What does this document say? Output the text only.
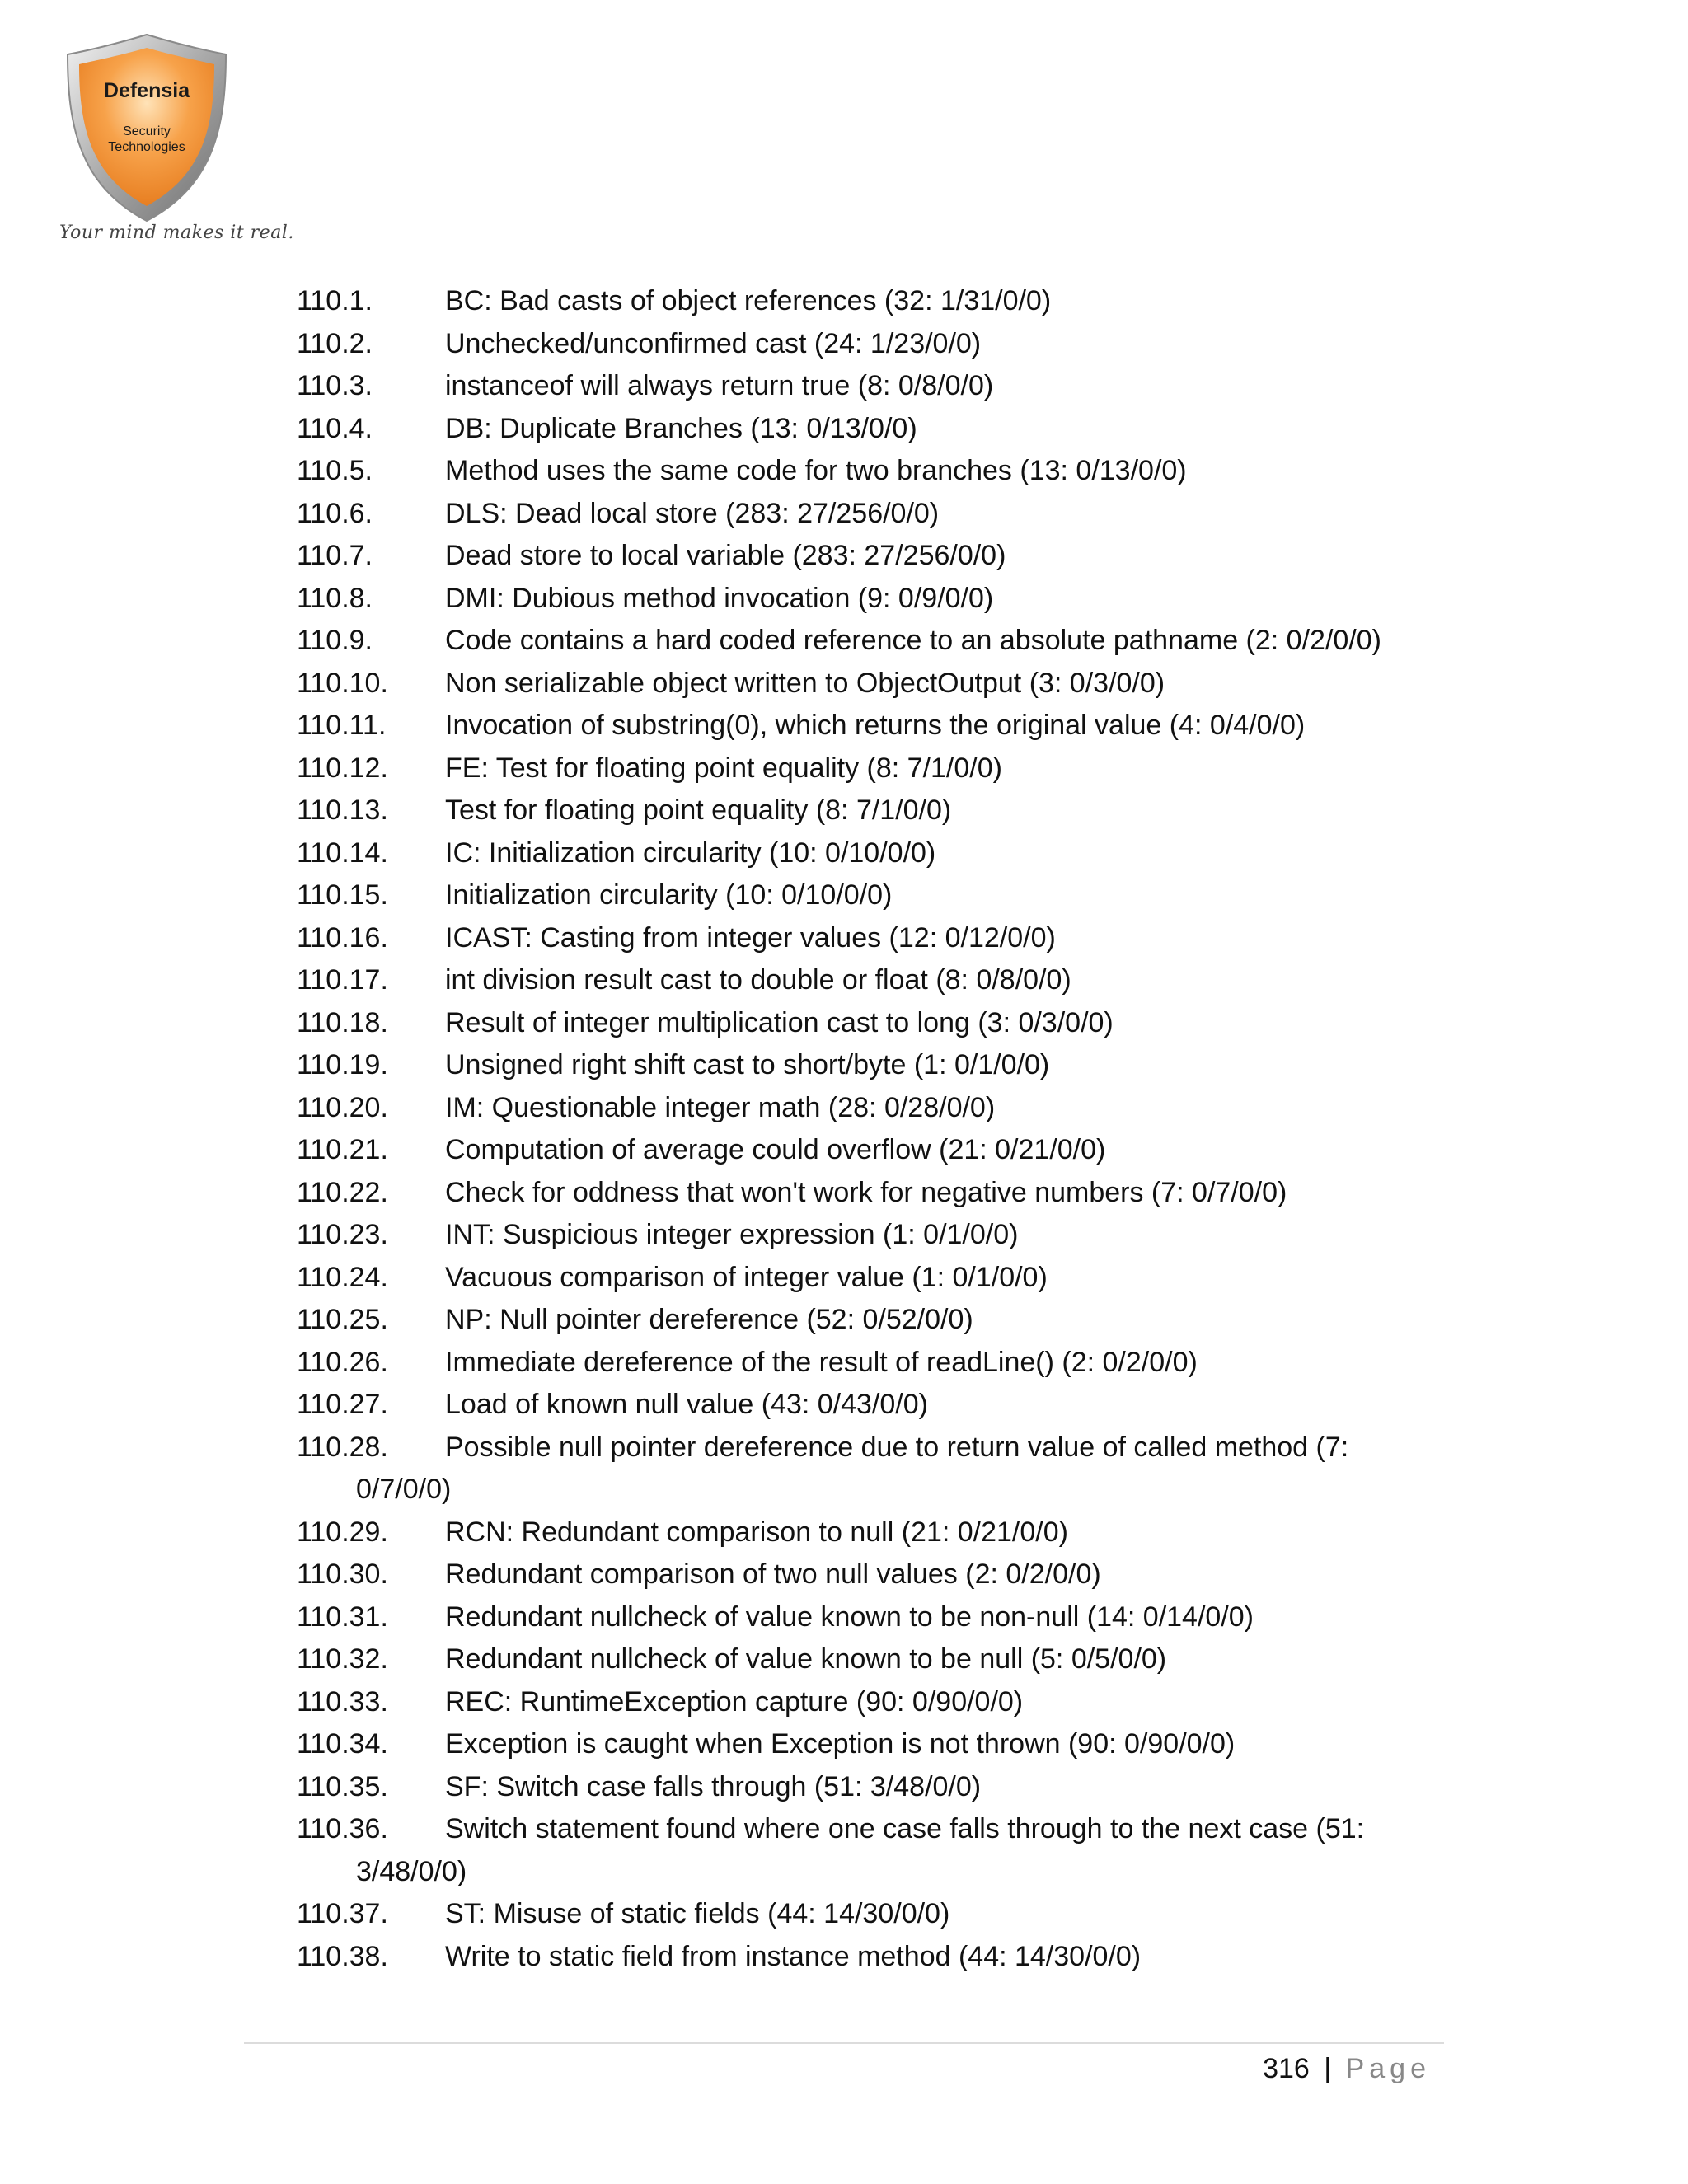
Defensia
Security
Technologies
Your mind makes it real.
110.1.	BC: Bad casts of object references (32: 1/31/0/0)
110.2.	Unchecked/unconfirmed cast (24: 1/23/0/0)
110.3.	instanceof will always return true (8: 0/8/0/0)
110.4.	DB: Duplicate Branches (13: 0/13/0/0)
110.5.	Method uses the same code for two branches (13: 0/13/0/0)
110.6.	DLS: Dead local store (283: 27/256/0/0)
110.7.	Dead store to local variable (283: 27/256/0/0)
110.8.	DMI: Dubious method invocation (9: 0/9/0/0)
110.9.	Code contains a hard coded reference to an absolute pathname (2: 0/2/0/0)
110.10. Non serializable object written to ObjectOutput (3: 0/3/0/0)
110.11. Invocation of substring(0), which returns the original value (4: 0/4/0/0)
110.12. FE: Test for floating point equality (8: 7/1/0/0)
110.13. Test for floating point equality (8: 7/1/0/0)
110.14. IC: Initialization circularity (10: 0/10/0/0)
110.15. Initialization circularity (10: 0/10/0/0)
110.16. ICAST: Casting from integer values (12: 0/12/0/0)
110.17. int division result cast to double or float (8: 0/8/0/0)
110.18. Result of integer multiplication cast to long (3: 0/3/0/0)
110.19. Unsigned right shift cast to short/byte (1: 0/1/0/0)
110.20. IM: Questionable integer math (28: 0/28/0/0)
110.21. Computation of average could overflow (21: 0/21/0/0)
110.22. Check for oddness that won't work for negative numbers (7: 0/7/0/0)
110.23. INT: Suspicious integer expression (1: 0/1/0/0)
110.24. Vacuous comparison of integer value (1: 0/1/0/0)
110.25. NP: Null pointer dereference (52: 0/52/0/0)
110.26. Immediate dereference of the result of readLine() (2: 0/2/0/0)
110.27. Load of known null value (43: 0/43/0/0)
110.28. Possible null pointer dereference due to return value of called method (7:
0/7/0/0)
110.29. RCN: Redundant comparison to null (21: 0/21/0/0)
110.30. Redundant comparison of two null values (2: 0/2/0/0)
110.31. Redundant nullcheck of value known to be non-null (14: 0/14/0/0)
110.32. Redundant nullcheck of value known to be null (5: 0/5/0/0)
110.33. REC: RuntimeException capture (90: 0/90/0/0)
110.34. Exception is caught when Exception is not thrown (90: 0/90/0/0)
110.35. SF: Switch case falls through (51: 3/48/0/0)
110.36. Switch statement found where one case falls through to the next case (51:
3/48/0/0)
110.37. ST: Misuse of static fields (44: 14/30/0/0)
110.38. Write to static field from instance method (44: 14/30/0/0)
316 | Page
